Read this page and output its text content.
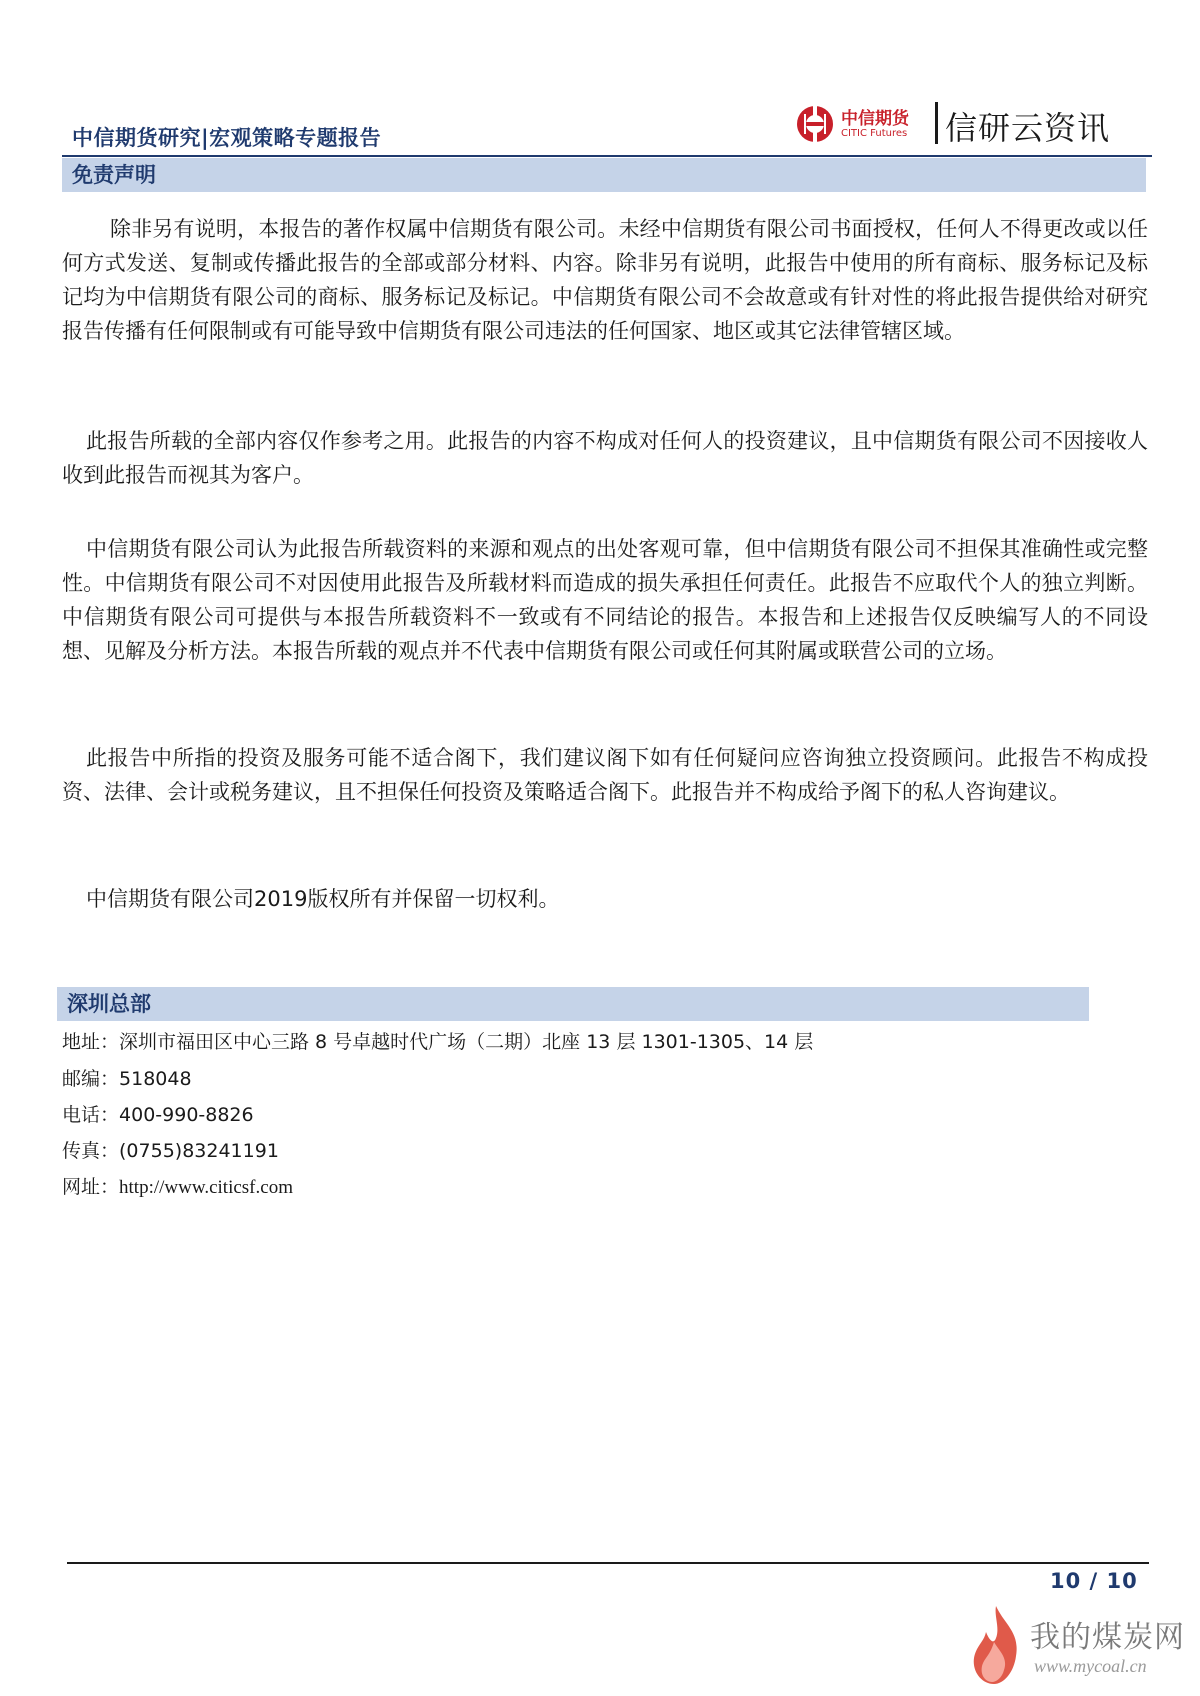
中信期货研究|宏观策略专题报告
中信期货
CITIC Futures 信研云资讯
免责声明
除非另有说明，本报告的著作权属中信期货有限公司。未经中信期货有限公司书面授权，任何人不得更改或以任何方式发送、复制或传播此报告的全部或部分材料、内容。除非另有说明，此报告中使用的所有商标、服务标记及标记均为中信期货有限公司的商标、服务标记及标记。中信期货有限公司不会故意或有针对性的将此报告提供给对研究报告传播有任何限制或有可能导致中信期货有限公司违法的任何国家、地区或其它法律管辖区域。
此报告所载的全部内容仅作参考之用。此报告的内容不构成对任何人的投资建议，且中信期货有限公司不因接收人收到此报告而视其为客户。
中信期货有限公司认为此报告所载资料的来源和观点的出处客观可靠，但中信期货有限公司不担保其准确性或完整性。中信期货有限公司不对因使用此报告及所载材料而造成的损失承担任何责任。此报告不应取代个人的独立判断。中信期货有限公司可提供与本报告所载资料不一致或有不同结论的报告。本报告和上述报告仅反映编写人的不同设想、见解及分析方法。本报告所载的观点并不代表中信期货有限公司或任何其附属或联营公司的立场。
此报告中所指的投资及服务可能不适合阁下，我们建议阁下如有任何疑问应咨询独立投资顾问。此报告不构成投资、法律、会计或税务建议，且不担保任何投资及策略适合阁下。此报告并不构成给予阁下的私人咨询建议。
中信期货有限公司2019版权所有并保留一切权利。
深圳总部
地址：深圳市福田区中心三路 8 号卓越时代广场（二期）北座 13 层 1301-1305、14 层
邮编：518048
电话：400-990-8826
传真：(0755)83241191
网址：http://www.citicsf.com
10 / 10
我的煤炭网
www.mycoal.cn
